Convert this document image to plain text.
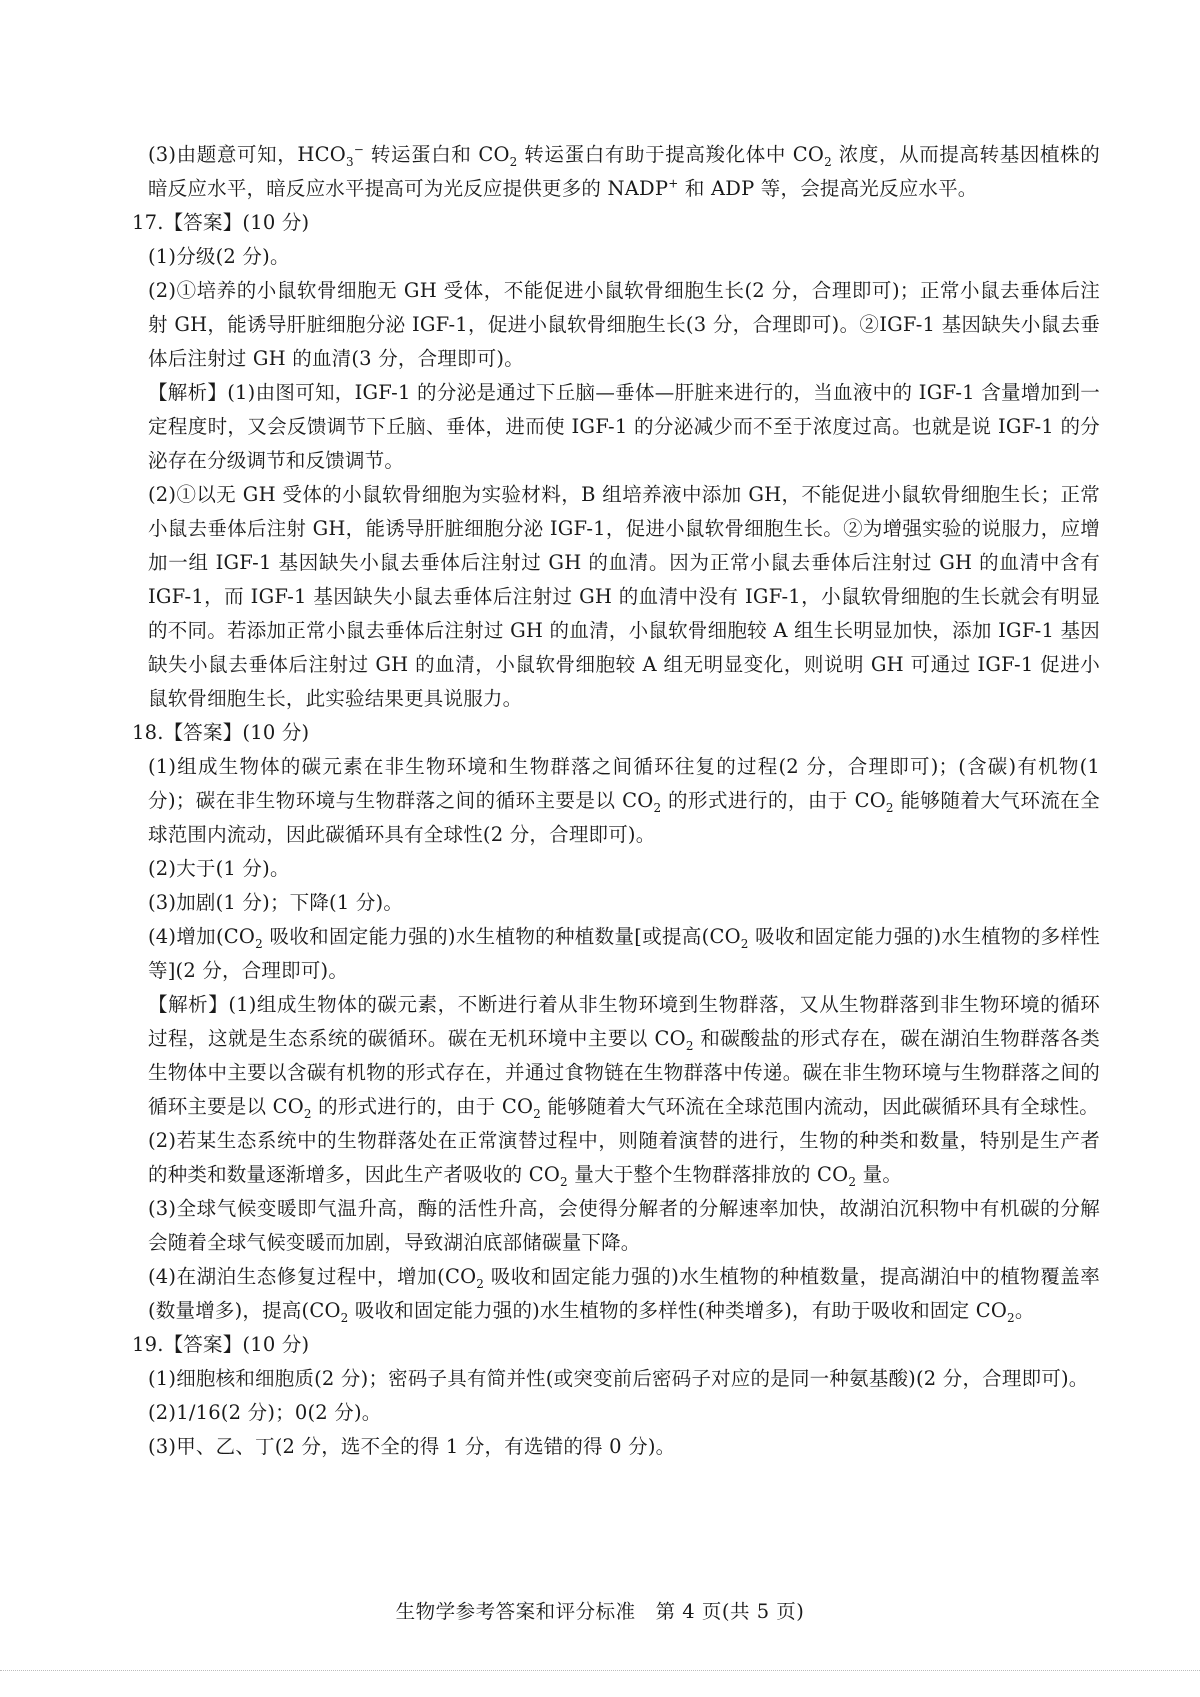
(3)由题意可知，$HCO_3^-$ 转运蛋白和 $CO_2$ 转运蛋白有助于提高羧化体中 $CO_2$ 浓度，从而提高转基因植株的暗反应水平，暗反应水平提高可为光反应提供更多的 NADP+ 和 ADP 等，会提高光反应水平。
17.【答案】(10 分)
(1)分级(2 分)。
(2)①培养的小鼠软骨细胞无 GH 受体，不能促进小鼠软骨细胞生长(2 分，合理即可)；正常小鼠去垂体后注射 GH，能诱导肝脏细胞分泌 IGF-1，促进小鼠软骨细胞生长(3 分，合理即可)。②IGF-1 基因缺失小鼠去垂体后注射过 GH 的血清(3 分，合理即可)。
【解析】(1)由图可知，IGF-1 的分泌是通过下丘脑—垂体—肝脏来进行的，当血液中的 IGF-1 含量增加到一定程度时，又会反馈调节下丘脑、垂体，进而使 IGF-1 的分泌减少而不至于浓度过高。也就是说 IGF-1 的分泌存在分级调节和反馈调节。
(2)①以无 GH 受体的小鼠软骨细胞为实验材料，B 组培养液中添加 GH，不能促进小鼠软骨细胞生长；正常小鼠去垂体后注射 GH，能诱导肝脏细胞分泌 IGF-1，促进小鼠软骨细胞生长。②为增强实验的说服力，应增加一组 IGF-1 基因缺失小鼠去垂体后注射过 GH 的血清。因为正常小鼠去垂体后注射过 GH 的血清中含有 IGF-1，而 IGF-1 基因缺失小鼠去垂体后注射过 GH 的血清中没有 IGF-1，小鼠软骨细胞的生长就会有明显的不同。若添加正常小鼠去垂体后注射过 GH 的血清，小鼠软骨细胞较 A 组生长明显加快，添加 IGF-1 基因缺失小鼠去垂体后注射过 GH 的血清，小鼠软骨细胞较 A 组无明显变化，则说明 GH 可通过 IGF-1 促进小鼠软骨细胞生长，此实验结果更具说服力。
18.【答案】(10 分)
(1)组成生物体的碳元素在非生物环境和生物群落之间循环往复的过程(2 分，合理即可)；(含碳)有机物(1 分)；碳在非生物环境与生物群落之间的循环主要是以 $CO_2$ 的形式进行的，由于 $CO_2$ 能够随着大气环流在全球范围内流动，因此碳循环具有全球性(2 分，合理即可)。
(2)大于(1 分)。
(3)加剧(1 分)；下降(1 分)。
(4)增加($CO_2$ 吸收和固定能力强的)水生植物的种植数量[或提高($CO_2$ 吸收和固定能力强的)水生植物的多样性等](2 分，合理即可)。
【解析】(1)组成生物体的碳元素，不断进行着从非生物环境到生物群落，又从生物群落到非生物环境的循环过程，这就是生态系统的碳循环。碳在无机环境中主要以 $CO_2$ 和碳酸盐的形式存在，碳在湖泊生物群落各类生物体中主要以含碳有机物的形式存在，并通过食物链在生物群落中传递。碳在非生物环境与生物群落之间的循环主要是以 $CO_2$ 的形式进行的，由于 $CO_2$ 能够随着大气环流在全球范围内流动，因此碳循环具有全球性。
(2)若某生态系统中的生物群落处在正常演替过程中，则随着演替的进行，生物的种类和数量，特别是生产者的种类和数量逐渐增多，因此生产者吸收的 $CO_2$ 量大于整个生物群落排放的 $CO_2$ 量。
(3)全球气候变暖即气温升高，酶的活性升高，会使得分解者的分解速率加快，故湖泊沉积物中有机碳的分解会随着全球气候变暖而加剧，导致湖泊底部储碳量下降。
(4)在湖泊生态修复过程中，增加($CO_2$ 吸收和固定能力强的)水生植物的种植数量，提高湖泊中的植物覆盖率(数量增多)，提高($CO_2$ 吸收和固定能力强的)水生植物的多样性(种类增多)，有助于吸收和固定 $CO_2$。
19.【答案】(10 分)
(1)细胞核和细胞质(2 分)；密码子具有简并性(或突变前后密码子对应的是同一种氨基酸)(2 分，合理即可)。
(2)1/16(2 分)；0(2 分)。
(3)甲、乙、丁(2 分，选不全的得 1 分，有选错的得 0 分)。
生物学参考答案和评分标准　第 4 页(共 5 页)
